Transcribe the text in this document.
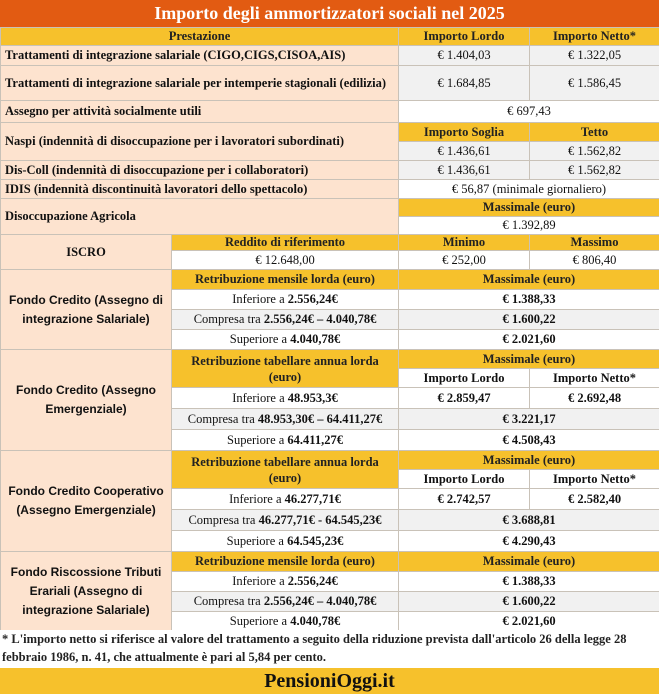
Importo degli ammortizzatori sociali nel 2025
Prestazione		Importo Lordo	Importo Netto*
Trattamenti di integrazione salariale (CIGO,CIGS,CISOA,AIS)		€ 1.404,03	€ 1.322,05
Trattamenti di integrazione salariale per intemperie stagionali (edilizia)		€ 1.684,85	€ 1.586,45
Assegno per attività socialmente utili		€ 697,43	
Naspi (indennità di disoccupazione per i lavoratori subordinati)		Importo Soglia	Tetto
		€ 1.436,61	€ 1.562,82
Dis-Coll (indennità di disoccupazione per i collaboratori)		€ 1.436,61	€ 1.562,82
IDIS (indennità discontinuità lavoratori dello spettacolo)		€ 56,87 (minimale giornaliero)	
Disoccupazione Agricola		Massimale (euro)	
		€ 1.392,89	
ISCRO	Reddito di riferimento	Minimo	Massimo
	€ 12.648,00	€ 252,00	€ 806,40
Fondo Credito (Assegno di integrazione Salariale)	Retribuzione mensile lorda (euro)	Massimale (euro)	
	Inferiore a 2.556,24€	€ 1.388,33	
	Compresa tra 2.556,24€ – 4.040,78€	€ 1.600,22	
	Superiore a 4.040,78€	€ 2.021,60	
Fondo Credito (Assegno Emergenziale)	Retribuzione tabellare annua lorda (euro)	Massimale (euro)	
		Importo Lordo	Importo Netto*
	Inferiore a 48.953,3€	€ 2.859,47	€ 2.692,48
	Compresa tra 48.953,30€ – 64.411,27€	€ 3.221,17	
	Superiore a 64.411,27€	€ 4.508,43	
Fondo Credito Cooperativo (Assegno Emergenziale)	Retribuzione tabellare annua lorda (euro)	Massimale (euro)	
		Importo Lordo	Importo Netto*
	Inferiore a 46.277,71€	€ 2.742,57	€ 2.582,40
	Compresa tra 46.277,71€ - 64.545,23€	€ 3.688,81	
	Superiore a 64.545,23€	€ 4.290,43	
Fondo Riscossione Tributi Erariali (Assegno di integrazione Salariale)	Retribuzione mensile lorda (euro)	Massimale (euro)	
	Inferiore a 2.556,24€	€ 1.388,33	
	Compresa tra 2.556,24€ – 4.040,78€	€ 1.600,22	
	Superiore a 4.040,78€	€ 2.021,60	
* L'importo netto si riferisce al valore del trattamento a seguito della riduzione prevista dall'articolo 26 della legge 28 febbraio 1986, n. 41, che attualmente è pari al 5,84 per cento.
PensioniOggi.it
